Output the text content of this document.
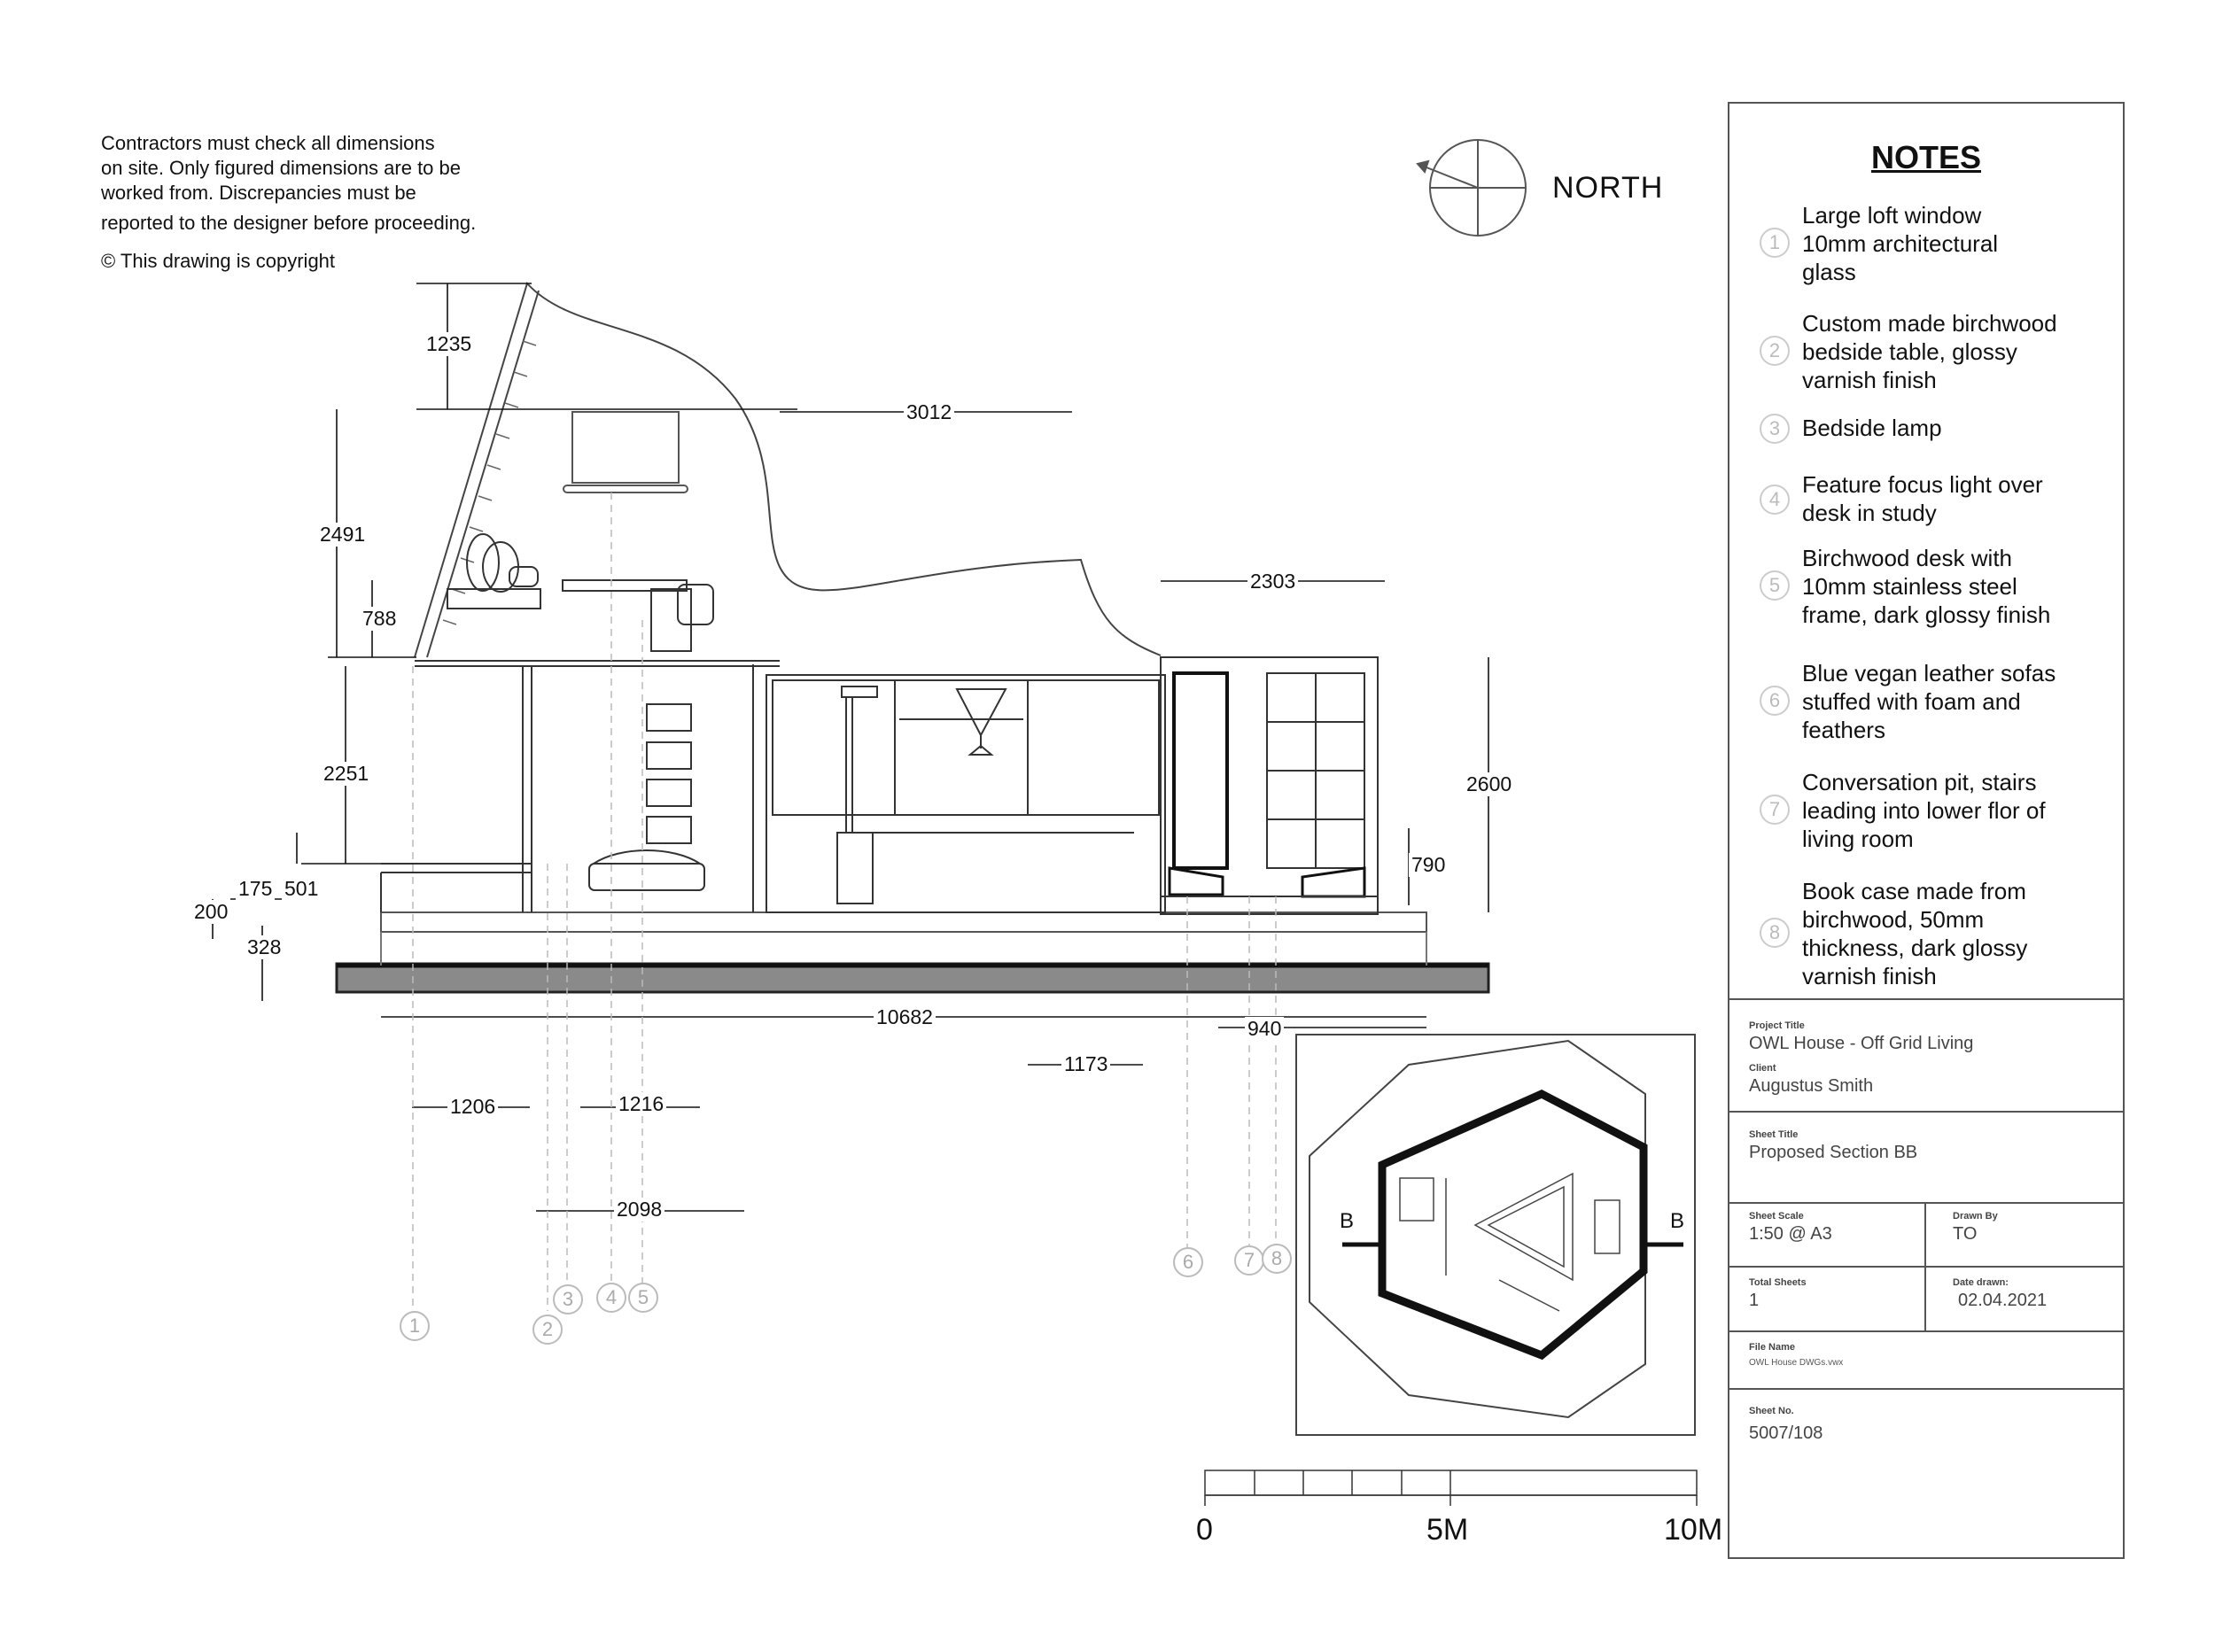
Contractors must check all dimensions
on site. Only figured dimensions are to be
worked from. Discrepancies must be
reported to the designer before proceeding.
© This drawing is copyright
NORTH
1235
2491
788
2251
175 501
200
328
3012
2303
2600
790
10682	940
1173
1206	1216
2098
1	2
3	4	5
6	7 8
B	B
0	5M	10M
NOTES
1
Large loft window
10mm architectural
glass
2
Custom made birchwood
bedside table, glossy
varnish finish
3 Bedside lamp
4
Feature focus light over
desk in study
5
Birchwood desk with
10mm stainless steel
frame, dark glossy finish
6
Blue vegan leather sofas
stuffed with foam and
feathers
7
Conversation pit, stairs
leading into lower flor of
living room
8
Book case made from
birchwood, 50mm
thickness, dark glossy
varnish finish
Project Title
OWL House - Off Grid Living
Client
Augustus Smith
Sheet Title
Proposed Section BB
Sheet Scale
1:50 @ A3
Drawn By
TO
Total Sheets
1
Date drawn:
02.04.2021
File Name
OWL House DWGs.vwx
Sheet No.
5007/108
